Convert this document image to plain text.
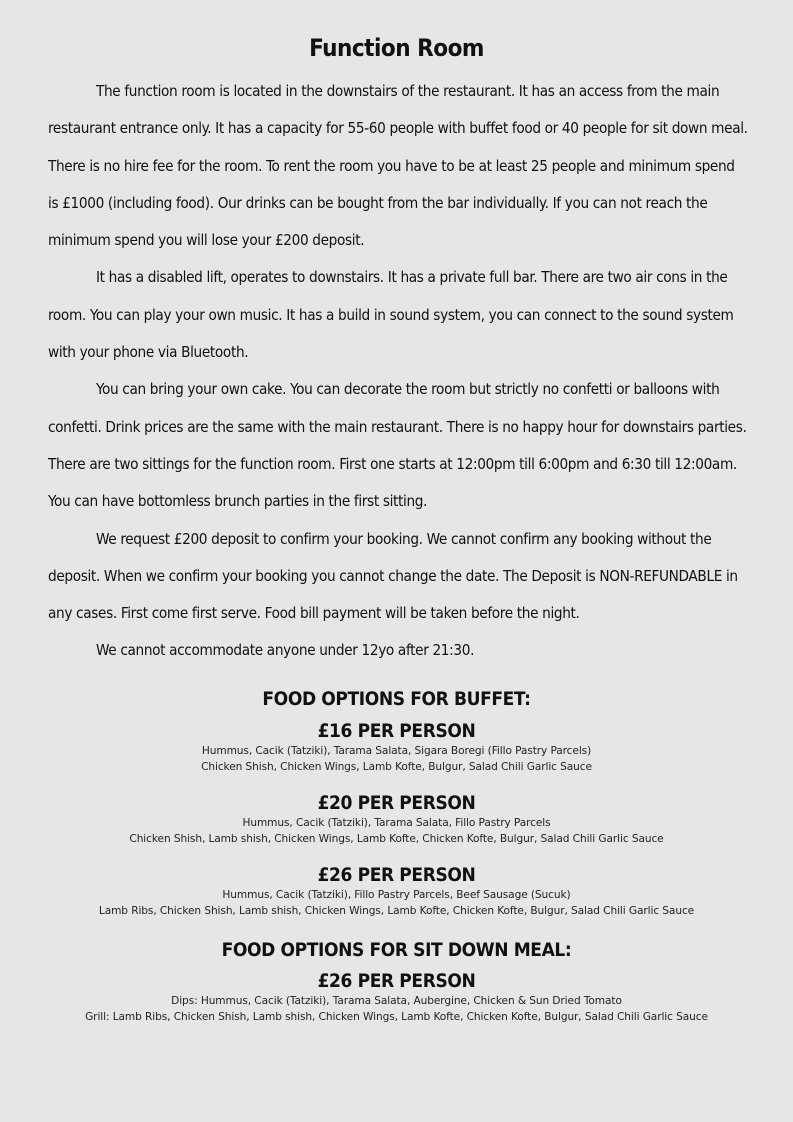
Function Room

The function room is located in the downstairs of the restaurant. It has an access from the main restaurant entrance only. It has a capacity for 55-60 people with buffet food or 40 people for sit down meal. There is no hire fee for the room. To rent the room you have to be at least 25 people and minimum spend is £1000 (including food). Our drinks can be bought from the bar individually. If you can not reach the minimum spend you will lose your £200 deposit.

It has a disabled lift, operates to downstairs. It has a private full bar. There are two air cons in the room. You can play your own music. It has a build in sound system, you can connect to the sound system with your phone via Bluetooth.

You can bring your own cake. You can decorate the room but strictly no confetti or balloons with confetti. Drink prices are the same with the main restaurant. There is no happy hour for downstairs parties. There are two sittings for the function room. First one starts at 12:00pm till 6:00pm and 6:30 till 12:00am. You can have bottomless brunch parties in the first sitting.

We request £200 deposit to confirm your booking. We cannot confirm any booking without the deposit. When we confirm your booking you cannot change the date. The Deposit is NON-REFUNDABLE in any cases. First come first serve. Food bill payment will be taken before the night.

We cannot accommodate anyone under 12yo after 21:30.

FOOD OPTIONS FOR BUFFET:
£16 PER PERSON

Hummus, Cacik (Tatziki), Tarama Salata, Sigara Boregi (Fillo Pastry Parcels)
Chicken Shish, Chicken Wings, Lamb Kofte, Bulgur, Salad Chili Garlic Sauce

£20 PER PERSON

Hummus, Cacik (Tatziki), Tarama Salata, Fillo Pastry Parcels
Chicken Shish, Lamb shish, Chicken Wings, Lamb Kofte, Chicken Kofte, Bulgur, Salad Chili Garlic Sauce

£26 PER PERSON

Hummus, Cacik (Tatziki), Fillo Pastry Parcels, Beef Sausage (Sucuk)
Lamb Ribs, Chicken Shish, Lamb shish, Chicken Wings, Lamb Kofte, Chicken Kofte, Bulgur, Salad Chili Garlic Sauce

FOOD OPTIONS FOR SIT DOWN MEAL:
£26 PER PERSON

Dips: Hummus, Cacik (Tatziki), Tarama Salata, Aubergine, Chicken & Sun Dried Tomato
Grill: Lamb Ribs, Chicken Shish, Lamb shish, Chicken Wings, Lamb Kofte, Chicken Kofte, Bulgur, Salad Chili Garlic Sauce
